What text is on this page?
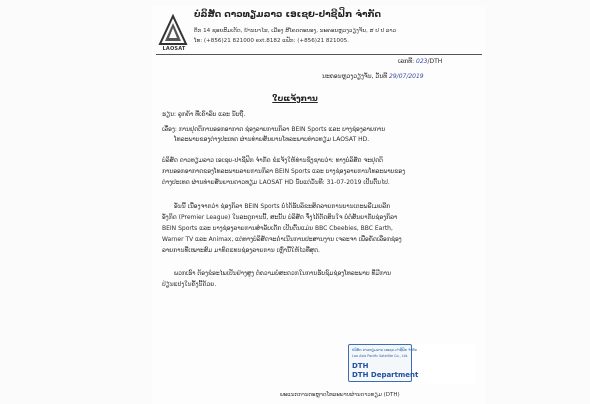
LAOSAT
ບໍລິສັດ ດາວທຽມລາວ ເອເຊຍ-ປາຊີຟິກ ຈຳກັດ
ຕຶກ 14 ຊອຍສົມເດັດ, ບ້ານນາໄຮ, ເມືອງ ສີໂຄດຕະບອງ, ນະຄອນຫຼວງວຽງຈັນ, ສ ປ ປ ລາວ
ໂທ: (+856)21 821000 ext.8182 ແຟັກ: (+856)21 821005.
ເລກທີ: 023/DTH
ນະຄອນຫຼວງວຽງຈັນ, ວັນທີ 29/07/2019
ໃບແຈ້ງການ
ຮຽນ: ລູກຄ້າ ທີ່ເຄົາລົບ ແລະ ນັບຖື.
ເລື່ອງ: ການຢຸດຕິການອອກອາກາດ ຊ່ອງລາຍການກິລາ BEIN Sports ແລະ ບາງຊ່ອງລາຍການ
ໂທລະພາບຂອງຕ່າງປະເທດ ຜ່ານທ່າຍສັນຍານໂທລະພາບທ່າວທຽມ LAOSAT HD.
ບໍລິສັດ ດາວທຽມລາວ ເອເຊຍ-ປາຊີຟິກ ຈຳກັດ ຂໍແຈ້ງໃຫ້ທ່ານຊົງຊາບວ່າ: ທາງບໍລິສັດ ຈະຢຸດຕິ
ການອອກອາກາດຂອງໂທລະພາບລາຍການກິລາ BEIN Sports ແລະ ບາງຊ່ອງລາຍການໂທລະພາບຂອງ
ຕ່າງປະເທດ ຜ່ານທ່າຍສັນຍານດາວທຽມ LAOSAT HD ນັບແຕ່ວັນທີ: 31-07-2019 ເປັນຕົ້ນໄປ.
ອັນນີ້ ເນື່ອງຈາກວ່າ ຊ່ອງກິລາ BEIN Sports ບໍ່ໄດ້ຮັບລິຂະສິດລາຍການບານເຕະພຣີເມຍລີກ
ອັງກິດ (Premier League) ໃນລະດູການນີ້, ສະນັ້ນ ບໍລິສັດ ຈຶ່ງໄດ້ຕັດສິນໃຈ ບໍ່ຕໍ່ສັນຍາກັບຊ່ອງກິລາ
BEIN Sports ແລະ ບາງຊ່ອງລາຍການສຳລັບເດັກ ເປັນຕົ້ນແມ່ນ BBC Cbeebies, BBC Earth,
Warner TV ແລະ Animax, ແຕ່ທາງບໍລິສັດຈະດຳເນີນການປະສານງານ ເຈລະຈາ ເພື່ອຄັດເລືອກຊ່ອງ
ລາຍການທີ່ເໝາະສົມ ມາທົດແທນຊ່ອງລາຍການ ເຫຼົ່ານີ້ໃຫ້ໄວທີ່ສຸດ.
ພວກເຮົາ ຕ້ອງຂໍອະໄພເປັນຢ່າງສູງ ຕໍ່ຄວາມບໍ່ສະດວກໃນການຮັບຊົມຊ່ອງໂທລະພາບ ທີ່ມີການ
ປ່ຽນແປງໃນຄັ້ງນີ້ດ້ວຍ.
ບໍລິສັດ ດາວທຽມລາວ ເອເຊຍ-ປາຊີຟິກ ຈຳກັດ
Lao Asia Pacific Satellite Co., Ltd.
DTH
DTH Department
ພະແນກການຕະຫຼາດໂທລະພາບຜ່ານດາວທຽມ (DTH)
